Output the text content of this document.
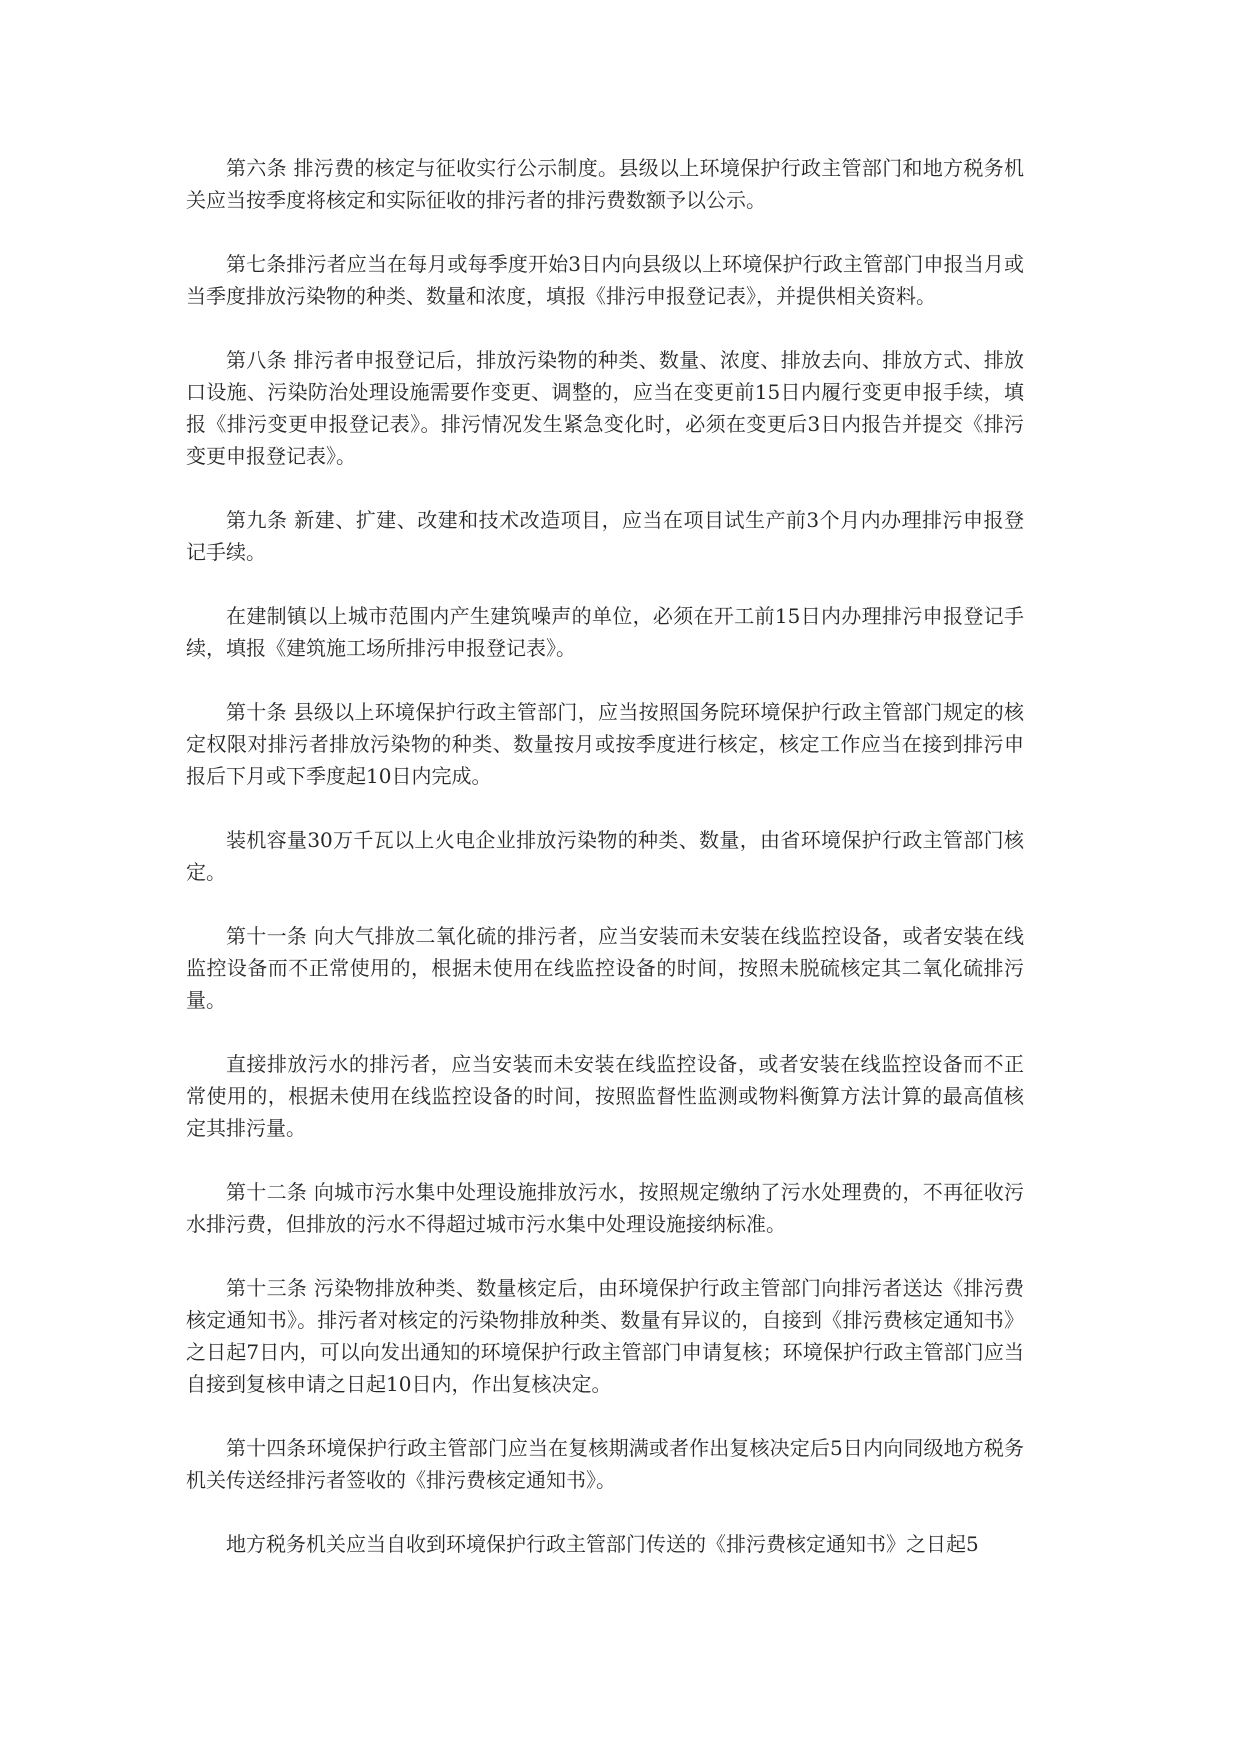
第六条 排污费的核定与征收实行公示制度。县级以上环境保护行政主管部门和地方税务机关应当按季度将核定和实际征收的排污者的排污费数额予以公示。

第七条排污者应当在每月或每季度开始3日内向县级以上环境保护行政主管部门申报当月或当季度排放污染物的种类、数量和浓度，填报《排污申报登记表》，并提供相关资料。

第八条 排污者申报登记后，排放污染物的种类、数量、浓度、排放去向、排放方式、排放口设施、污染防治处理设施需要作变更、调整的，应当在变更前15日内履行变更申报手续，填报《排污变更申报登记表》。排污情况发生紧急变化时，必须在变更后3日内报告并提交《排污变更申报登记表》。

第九条 新建、扩建、改建和技术改造项目，应当在项目试生产前3个月内办理排污申报登记手续。

在建制镇以上城市范围内产生建筑噪声的单位，必须在开工前15日内办理排污申报登记手续，填报《建筑施工场所排污申报登记表》。

第十条 县级以上环境保护行政主管部门，应当按照国务院环境保护行政主管部门规定的核定权限对排污者排放污染物的种类、数量按月或按季度进行核定，核定工作应当在接到排污申报后下月或下季度起10日内完成。

装机容量30万千瓦以上火电企业排放污染物的种类、数量，由省环境保护行政主管部门核定。

第十一条 向大气排放二氧化硫的排污者，应当安装而未安装在线监控设备，或者安装在线监控设备而不正常使用的，根据未使用在线监控设备的时间，按照未脱硫核定其二氧化硫排污量。

直接排放污水的排污者，应当安装而未安装在线监控设备，或者安装在线监控设备而不正常使用的，根据未使用在线监控设备的时间，按照监督性监测或物料衡算方法计算的最高值核定其排污量。

第十二条 向城市污水集中处理设施排放污水，按照规定缴纳了污水处理费的，不再征收污水排污费，但排放的污水不得超过城市污水集中处理设施接纳标准。

第十三条 污染物排放种类、数量核定后，由环境保护行政主管部门向排污者送达《排污费核定通知书》。排污者对核定的污染物排放种类、数量有异议的，自接到《排污费核定通知书》之日起7日内，可以向发出通知的环境保护行政主管部门申请复核；环境保护行政主管部门应当自接到复核申请之日起10日内，作出复核决定。

第十四条环境保护行政主管部门应当在复核期满或者作出复核决定后5日内向同级地方税务机关传送经排污者签收的《排污费核定通知书》。

地方税务机关应当自收到环境保护行政主管部门传送的《排污费核定通知书》之日起5
